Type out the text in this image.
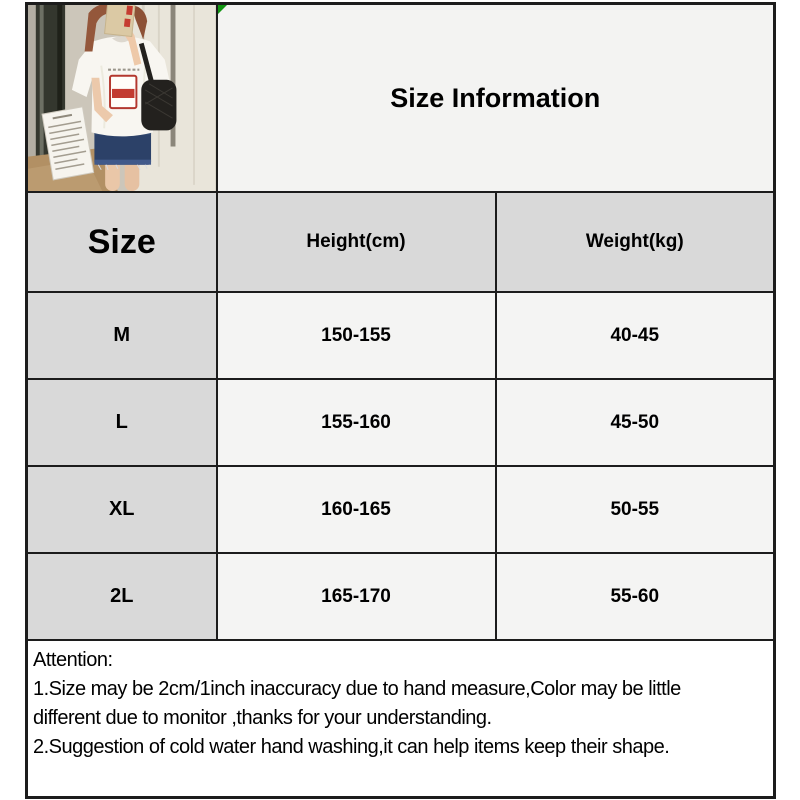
Size Information	

Size	Height(cm)	Weight(kg)
M	150-155	40-45
L	155-160	45-50
XL	160-165	50-55
2L	165-170	55-60

Attention:
1.Size may be 2cm/1inch inaccuracy due to hand measure,Color may be little
different due to monitor ,thanks for your understanding.
2.Suggestion of cold water hand washing,it can help items keep their shape.		
